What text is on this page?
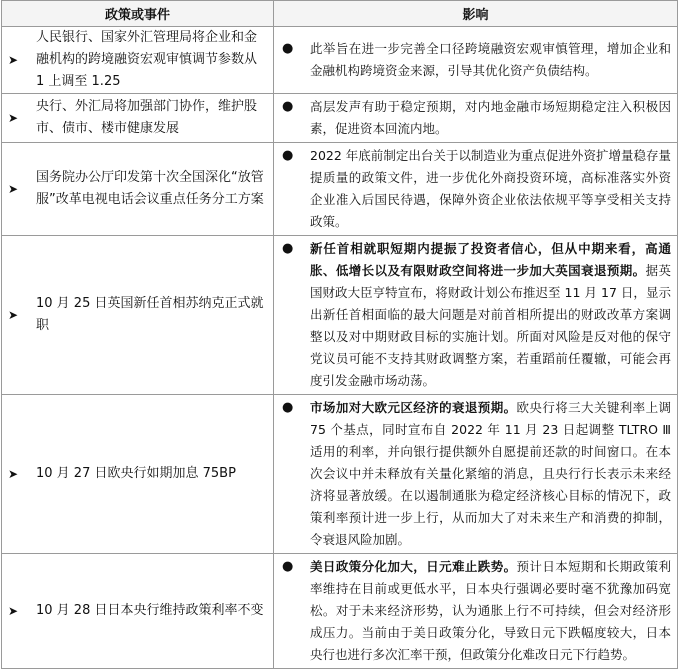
政策或事件	影响

➤
人民银行、国家外汇管理局将企业和金融机构的跨境融资宏观审慎调节参数从 1 上调至 1.25	● 此举旨在进一步完善全口径跨境融资宏观审慎管理，增加企业和金融机构跨境资金来源，引导其优化资产负债结构。

➤
央行、外汇局将加强部门协作，维护股市、债市、楼市健康发展	● 高层发声有助于稳定预期，对内地金融市场短期稳定注入积极因素，促进资本回流内地。

➤
国务院办公厅印发第十次全国深化“放管服”改革电视电话会议重点任务分工方案	● 2022 年底前制定出台关于以制造业为重点促进外资扩增量稳存量提质量的政策文件，进一步优化外商投资环境，高标准落实外资企业准入后国民待遇，保障外资企业依法依规平等享受相关支持政策。

➤
10 月 25 日英国新任首相苏纳克正式就职	● 新任首相就职短期内提振了投资者信心，但从中期来看，高通胀、低增长以及有限财政空间将进一步加大英国衰退预期。据英国财政大臣亨特宣布，将财政计划公布推迟至 11 月 17 日，显示出新任首相面临的最大问题是对前首相所提出的财政改革方案调整以及对中期财政目标的实施计划。所面对风险是反对他的保守党议员可能不支持其财政调整方案，若重蹈前任覆辙，可能会再度引发金融市场动荡。

➤ 10 月 27 日欧央行如期加息 75BP	● 市场加对大欧元区经济的衰退预期。欧央行将三大关键利率上调 75 个基点，同时宣布自 2022 年 11 月 23 日起调整 TLTRO Ⅲ 适用的利率，并向银行提供额外自愿提前还款的时间窗口。在本次会议中并未释放有关量化紧缩的消息，且央行行长表示未来经济将显著放缓。在以遏制通胀为稳定经济核心目标的情况下，政策利率预计进一步上行，从而加大了对未来生产和消费的抑制，令衰退风险加剧。

➤ 10 月 28 日日本央行维持政策利率不变	● 美日政策分化加大，日元难止跌势。预计日本短期和长期政策利率维持在目前或更低水平，日本央行强调必要时毫不犹豫加码宽松。对于未来经济形势，认为通胀上行不可持续，但会对经济形成压力。当前由于美日政策分化，导致日元下跌幅度较大，日本央行也进行多次汇率干预，但政策分化难改日元下行趋势。
